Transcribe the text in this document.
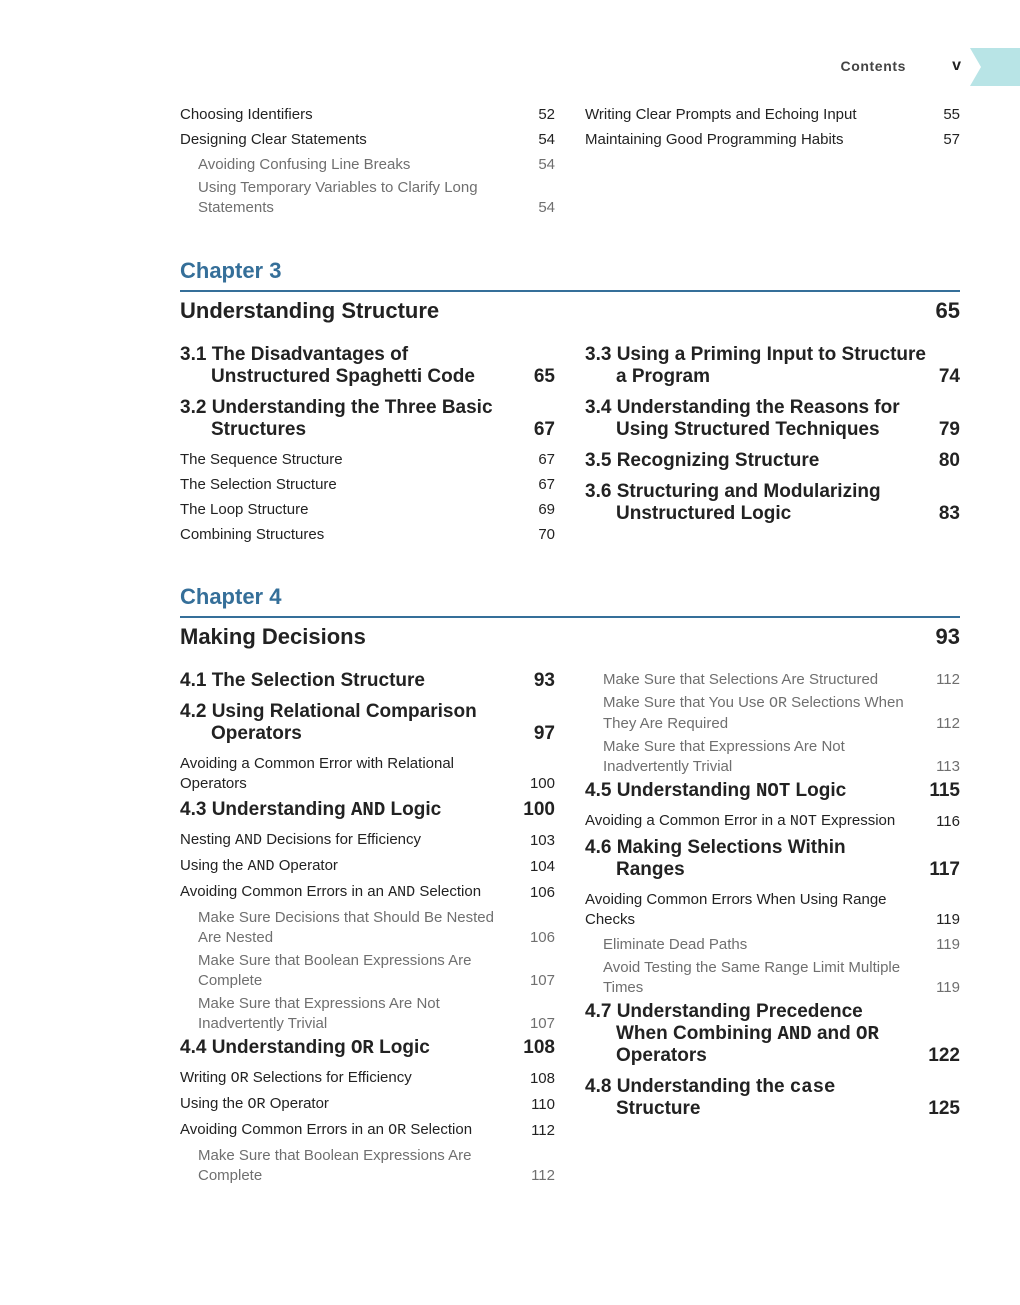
Contents	v
Choosing Identifiers	52
Designing Clear Statements	54
Avoiding Confusing Line Breaks	54
Using Temporary Variables to Clarify Long Statements	54
Writing Clear Prompts and Echoing Input	55
Maintaining Good Programming Habits	57
Chapter 3
Understanding Structure	65
3.1 The Disadvantages of Unstructured Spaghetti Code	65
3.2 Understanding the Three Basic Structures	67
The Sequence Structure	67
The Selection Structure	67
The Loop Structure	69
Combining Structures	70
3.3 Using a Priming Input to Structure a Program	74
3.4 Understanding the Reasons for Using Structured Techniques	79
3.5 Recognizing Structure	80
3.6 Structuring and Modularizing Unstructured Logic	83
Chapter 4
Making Decisions	93
4.1 The Selection Structure	93
4.2 Using Relational Comparison Operators	97
Avoiding a Common Error with Relational Operators	100
4.3 Understanding AND Logic	100
Nesting AND Decisions for Efficiency	103
Using the AND Operator	104
Avoiding Common Errors in an AND Selection	106
Make Sure Decisions that Should Be Nested Are Nested	106
Make Sure that Boolean Expressions Are Complete	107
Make Sure that Expressions Are Not Inadvertently Trivial	107
4.4 Understanding OR Logic	108
Writing OR Selections for Efficiency	108
Using the OR Operator	110
Avoiding Common Errors in an OR Selection	112
Make Sure that Boolean Expressions Are Complete	112
Make Sure that Selections Are Structured	112
Make Sure that You Use OR Selections When They Are Required	112
Make Sure that Expressions Are Not Inadvertently Trivial	113
4.5 Understanding NOT Logic	115
Avoiding a Common Error in a NOT Expression	116
4.6 Making Selections Within Ranges	117
Avoiding Common Errors When Using Range Checks	119
Eliminate Dead Paths	119
Avoid Testing the Same Range Limit Multiple Times	119
4.7 Understanding Precedence When Combining AND and OR Operators	122
4.8 Understanding the case Structure	125
